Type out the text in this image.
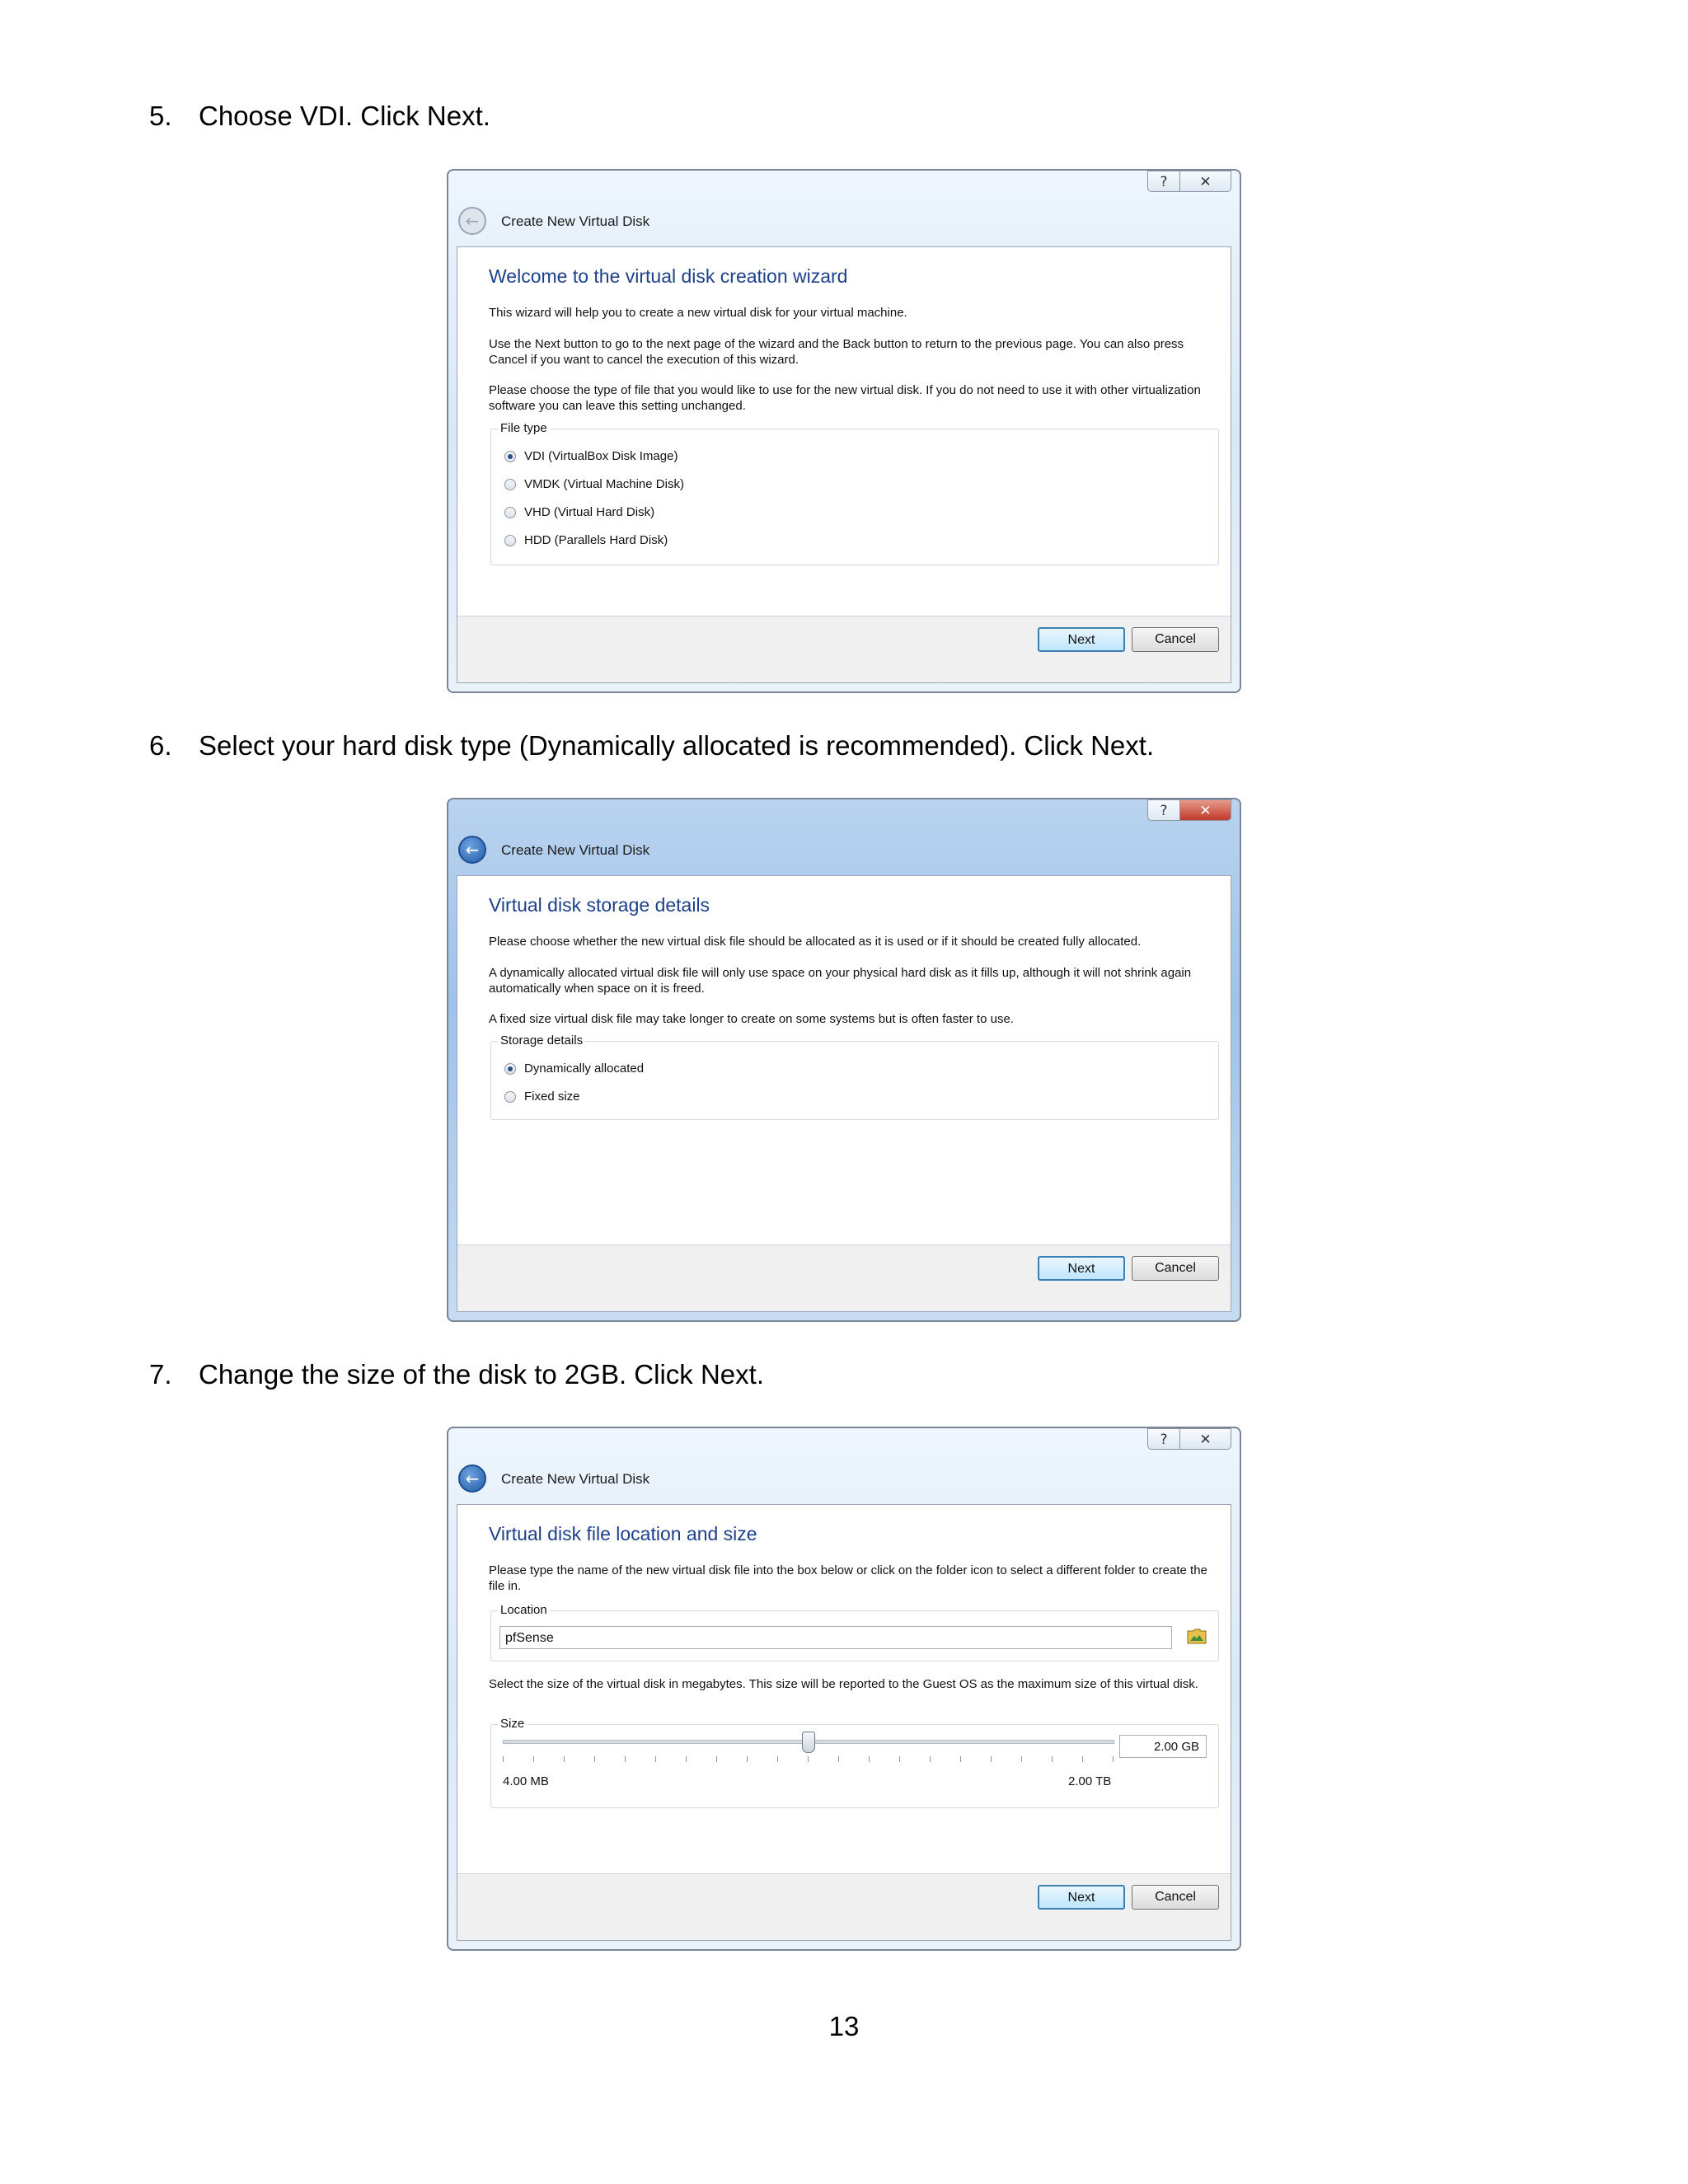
5. Choose VDI. Click Next.
?	✕
←	Create New Virtual Disk
Welcome to the virtual disk creation wizard
This wizard will help you to create a new virtual disk for your virtual machine.
Use the Next button to go to the next page of the wizard and the Back button to return to the previous page. You can also press Cancel if you want to cancel the execution of this wizard.
Please choose the type of file that you would like to use for the new virtual disk. If you do not need to use it with other virtualization software you can leave this setting unchanged.
File type
VDI (VirtualBox Disk Image)
VMDK (Virtual Machine Disk)
VHD (Virtual Hard Disk)
HDD (Parallels Hard Disk)
Next	Cancel
6. Select your hard disk type (Dynamically allocated is recommended). Click Next.
?	✕
←	Create New Virtual Disk
Virtual disk storage details
Please choose whether the new virtual disk file should be allocated as it is used or if it should be created fully allocated.
A dynamically allocated virtual disk file will only use space on your physical hard disk as it fills up, although it will not shrink again automatically when space on it is freed.
A fixed size virtual disk file may take longer to create on some systems but is often faster to use.
Storage details
Dynamically allocated
Fixed size
Next	Cancel
7. Change the size of the disk to 2GB. Click Next.
?	✕
←	Create New Virtual Disk
Virtual disk file location and size
Please type the name of the new virtual disk file into the box below or click on the folder icon to select a different folder to create the file in.
Location
pfSense
Select the size of the virtual disk in megabytes. This size will be reported to the Guest OS as the maximum size of this virtual disk.
Size
2.00 GB
4.00 MB	2.00 TB
Next	Cancel
13
